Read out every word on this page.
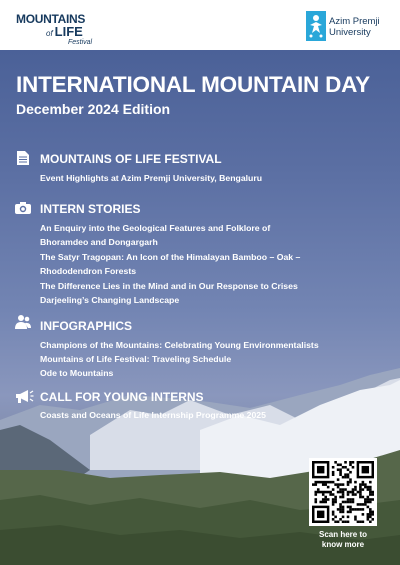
MOUNTAINS
of LIFE
Festival
Azim Premji
University
INTERNATIONAL MOUNTAIN DAY
December 2024 Edition
MOUNTAINS OF LIFE FESTIVAL
Event Highlights at Azim Premji University, Bengaluru
INTERN STORIES
An Enquiry into the Geological Features and Folklore of
Bhoramdeo and Dongargarh
The Satyr Tragopan: An Icon of the Himalayan Bamboo – Oak –
Rhododendron Forests
The Difference Lies in the Mind and in Our Response to Crises
Darjeeling’s Changing Landscape
INFOGRAPHICS
Champions of the Mountains: Celebrating Young Environmentalists
Mountains of Life Festival: Traveling Schedule
Ode to Mountains
CALL FOR YOUNG INTERNS
Coasts and Oceans of Life Internship Programme 2025
Scan here to
know more
